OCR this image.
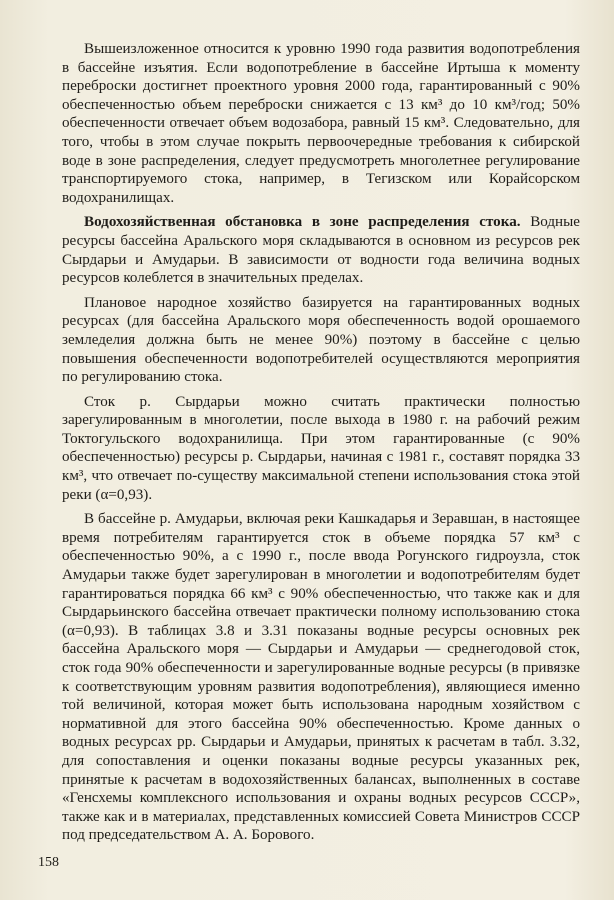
Вышеизложенное относится к уровню 1990 года развития водопотребления в бассейне изъятия. Если водопотребление в бассейне Иртыша к моменту переброски достигнет проектного уровня 2000 года, гарантированный с 90% обеспеченностью объем переброски снижается с 13 км³ до 10 км³/год; 50% обеспеченности отвечает объем водозабора, равный 15 км³. Следовательно, для того, чтобы в этом случае покрыть первоочередные требования к сибирской воде в зоне распределения, следует предусмотреть многолетнее регулирование транспортируемого стока, например, в Тегизском или Корайсорском водохранилищах.

Водохозяйственная обстановка в зоне распределения стока. Водные ресурсы бассейна Аральского моря складываются в основном из ресурсов рек Сырдарьи и Амударьи. В зависимости от водности года величина водных ресурсов колеблется в значительных пределах.

Плановое народное хозяйство базируется на гарантированных водных ресурсах (для бассейна Аральского моря обеспеченность водой орошаемого земледелия должна быть не менее 90%) поэтому в бассейне с целью повышения обеспеченности водопотребителей осуществляются мероприятия по регулированию стока.

Сток р. Сырдарьи можно считать практически полностью зарегулированным в многолетии, после выхода в 1980 г. на рабочий режим Токтогульского водохранилища. При этом гарантированные (с 90% обеспеченностью) ресурсы р. Сырдарьи, начиная с 1981 г., составят порядка 33 км³, что отвечает по-существу максимальной степени использования стока этой реки (α=0,93).

В бассейне р. Амударьи, включая реки Кашкадарья и Зеравшан, в настоящее время потребителям гарантируется сток в объеме порядка 57 км³ с обеспеченностью 90%, а с 1990 г., после ввода Рогунского гидроузла, сток Амударьи также будет зарегулирован в многолетии и водопотребителям будет гарантироваться порядка 66 км³ с 90% обеспеченностью, что также как и для Сырдарьинского бассейна отвечает практически полному использованию стока (α=0,93). В таблицах 3.8 и 3.31 показаны водные ресурсы основных рек бассейна Аральского моря — Сырдарьи и Амударьи — среднегодовой сток, сток года 90% обеспеченности и зарегулированные водные ресурсы (в привязке к соответствующим уровням развития водопотребления), являющиеся именно той величиной, которая может быть использована народным хозяйством с нормативной для этого бассейна 90% обеспеченностью. Кроме данных о водных ресурсах рр. Сырдарьи и Амударьи, принятых к расчетам в табл. 3.32, для сопоставления и оценки показаны водные ресурсы указанных рек, принятые к расчетам в водохозяйственных балансах, выполненных в составе «Генсхемы комплексного использования и охраны водных ресурсов СССР», также как и в материалах, представленных комиссией Совета Министров СССР под председательством А. А. Борового.

158
